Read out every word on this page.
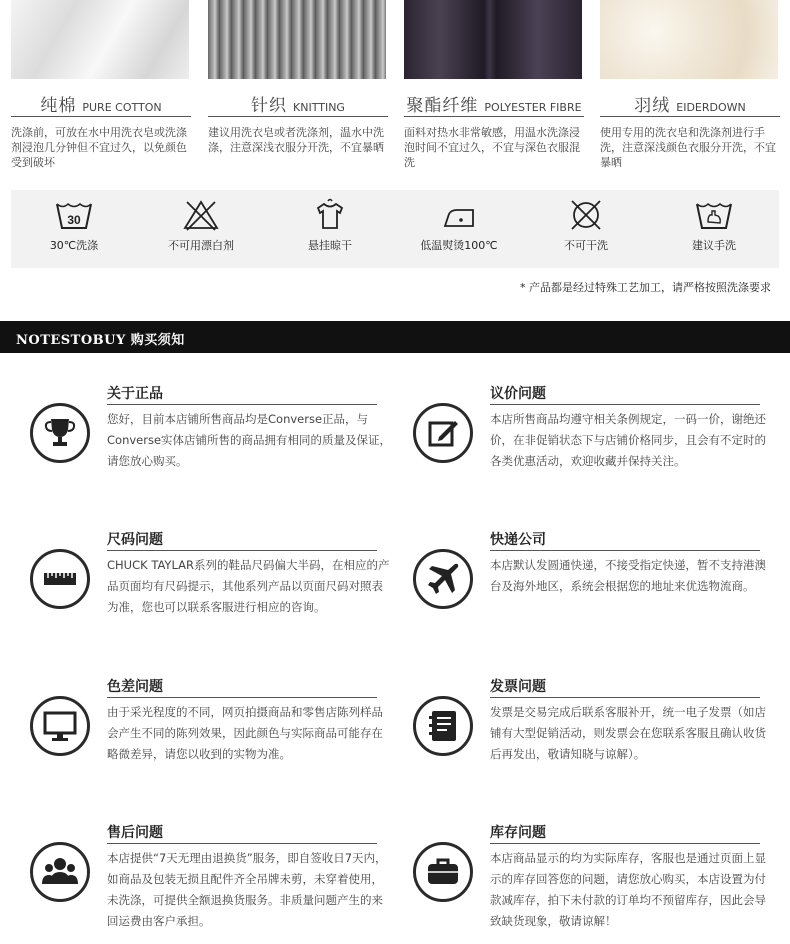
纯棉 PURE COTTON
洗涤前，可放在水中用洗衣皂或洗涤剂浸泡几分钟但不宜过久，以免颜色受到破坏
针织 KNITTING
建议用洗衣皂或者洗涤剂，温水中洗涤，注意深浅衣服分开洗，不宜暴晒
聚酯纤维 POLYESTER FIBRE
面料对热水非常敏感，用温水洗涤浸泡时间不宜过久，不宜与深色衣服混洗
羽绒 EIDERDOWN
使用专用的洗衣皂和洗涤剂进行手洗，注意深浅颜色衣服分开洗，不宜暴晒
30
30℃洗涤	不可用漂白剂	悬挂晾干	低温熨烫100℃	不可干洗	建议手洗
* 产品都是经过特殊工艺加工，请严格按照洗涤要求
NOTESTOBUY 购买须知
关于正品
您好，目前本店铺所售商品均是Converse正品，与Converse实体店铺所售的商品拥有相同的质量及保证，请您放心购买。
议价问题
本店所售商品均遵守相关条例规定，一码一价，谢绝还价，在非促销状态下与店铺价格同步，且会有不定时的各类优惠活动，欢迎收藏并保持关注。
尺码问题
CHUCK TAYLAR系列的鞋品尺码偏大半码，在相应的产品页面均有尺码提示，其他系列产品以页面尺码对照表为准，您也可以联系客服进行相应的咨询。
快递公司
本店默认发圆通快递，不接受指定快递，暂不支持港澳台及海外地区，系统会根据您的地址来优选物流商。
色差问题
由于采光程度的不同，网页拍摄商品和零售店陈列样品会产生不同的陈列效果，因此颜色与实际商品可能存在略微差异，请您以收到的实物为准。
发票问题
发票是交易完成后联系客服补开，统一电子发票（如店铺有大型促销活动，则发票会在您联系客服且确认收货后再发出，敬请知晓与谅解）。
售后问题
本店提供“7天无理由退换货”服务，即自签收日7天内，如商品及包装无损且配件齐全吊牌未剪，未穿着使用，未洗涤，可提供全额退换货服务。非质量问题产生的来回运费由客户承担。
库存问题
本店商品显示的均为实际库存，客服也是通过页面上显示的库存回答您的问题，请您放心购买，本店设置为付款减库存，拍下未付款的订单均不预留库存，因此会导致缺货现象，敬请谅解！
